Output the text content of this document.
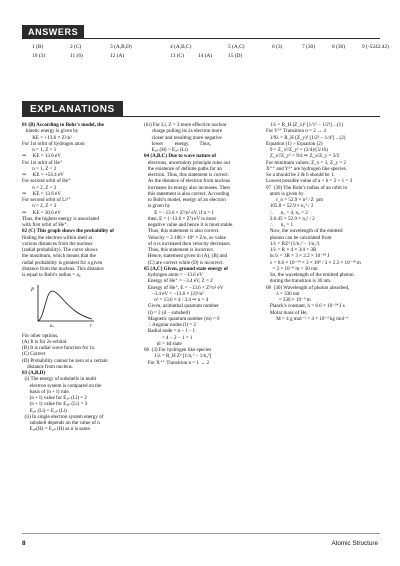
ANSWERS
1 (B)	2 (C)	3 (A,B,D)	4 (A,B,C)	5 (A,C)	6 (3)	7 (30)	8 (30)	9 (-5242.42)
10 (3)	11 (6)	12 (A)	13 (C)	14 (A)	15 (D)
EXPLANATIONS

01 (B) According to Bohr's model, the

kinetic energy is given by

KE = +13.6 × Z²/n²

For 1st orbit of hydrogen atom

n = 1, Z = 1

⇒     KE = 13.6 eV

For 1st orbit of He⁺

n = 1, Z = 2

⇒     KE = +54.4 eV

For second orbit of He⁺

n = 2, Z = 2

⇒     KE = 13.6 eV

For second orbit of Li²⁺

n = 2, Z = 3

⇒     KE = 30.6 eV

Thus, the highest energy is associated

with first orbit of He⁺.

02 (C) This graph shows the probability of

finding the electron within shell at

various distances from the nucleus

(radial probability). The curve shows

the maximum, which means that the

radial probability is greatest for a given

distance from the nucleus. This distance

is equal to Bohr's radius = a₀

P
r
a₀

For other options,

(A) It is for 2s-orbital.

(B) It is radial wave function for 1s.

(C) Correct

(D) Probability cannot be zero at a certain

distance from nucleus.

03 (A,B,D)

(i) The energy of subshells in multi

electron system is compared on the

basis of (n + l) rule.

(n + l) value for E₂ₛ (Li) = 2

(n + l) value for E₂ₚ (Li) = 3

E₂ₛ (Li) < E₂ₚ (Li)

(ii) In single electron system energy of

subshell depends on the value of n

E₂ₛ(H) = E₂ₚ (H) as n is same.

(iii) For Li, Z = 3 more effective nuclear

charge pulling its 2s electron more

closer and resulting more negative

lower         energy.        Thus,

E₂ₛ (H) > E₂ₛ (Li)

04 (A,B,C) Due to wave nature of

electrons, uncertainty principle rules out

the existence of definite paths for an

electron. Thus, this statement is correct.

As the distance of electron from nucleus

increases its energy also increases. Then

this statement is also correct. According

to Bohr's model, energy of an electron

is given by

E = −13.6 × Z²/n² eV, if n = 1

then, E = (−13.6 × Z²) eV is most

negative value and hence it is most stable.

Thus, this statement is also correct.

Velocity = 2.186 × 10⁶ × Z/n, so value

of n is increased then velocity decreases.

Thus, this statement is incorrect.

Hence, statement given in (A), (B) and

(C) are correct while (D) is incorrect.

05 (A,C) Given, ground state energy of

hydrogen atom = −13.6 eV

Energy of He⁺ = −3.4 eV, Z = 2

Energy of He⁺, E = −13.6 × Z²/n² eV

−3.4 eV = −13.6 × (2)²/n²

n² = 13.6 × 4 / 3.4 ⇒ n = 4

Given, azimuthal quantum number

(l) = 2 (d − subshell)

Magnetic quantum number (m) = 0

∴ Angular nodes (l) = 2

Radial node = n − l − 1

= 4 − 2 − 1 = 1

nl = 4d state

06  (3) For hydrogen like species

1/λ = R_H Z² [1/n₁² − 1/n₂²]

For X⁺⁺ Transition n = 1 → 2

1/λ = R_H (Z_x)² [1/1² − 1/2²] ...(1)

For Y³⁺ Transition n = 2 → 4

1/9λ = R_H (Z_y)² [1/2² − 1/4²] ...(2)

Equation (1) ÷ Equation (2)

9 = Z_x²/Z_y² × (3/4)/(3/16)

Z_x²/Z_y² = 9/4 ⇒ Z_x/Z_y = 3/2

For minimum values; Z_x = 3, Z_y = 2

X⁺⁺ and Y³⁺ are hydrogen like species.

So a should be 2 & b should be 1.

Lowest possible value of a + b = 2 + 1 = 3

07  (30) The Bohr's radius of an orbit in

atom is given by

r_n = 52.9 × n² / Z  pm

105.8 = 52.9 × n₁² / 2

∴      n₁ = 4, n₂ = 2

2.6.45 = 52.9 × n₂² / 2

∴      n₂ = 1

Now, the wavelength of the emitted

photon can be calculated from

1/λ = RZ² (1/n₁² − 1/n₂²)

1/λ = R × 4 × 3/4 = 3R

hc/λ = 3R = 3 × 2.2 × 10⁻¹⁸ J

λ = 6.6 × 10⁻³⁴ × 3 × 10⁸ / 3 × 2.2 × 10⁻¹⁸ m

= 3 × 10⁻⁸ m = 30 nm

So, the wavelength of the emitted photon

during the transition is 30 nm.

08  (30) Wavelength of photon absorbed,

λ = 330 nm

= 330 × 10⁻⁹ m

Planck's constant, h = 6.6 × 10⁻³⁴ J s

Molar mass of He,

M = 4 g mol⁻¹ = 4 × 10⁻³ kg mol⁻¹

8	Atomic Structure
